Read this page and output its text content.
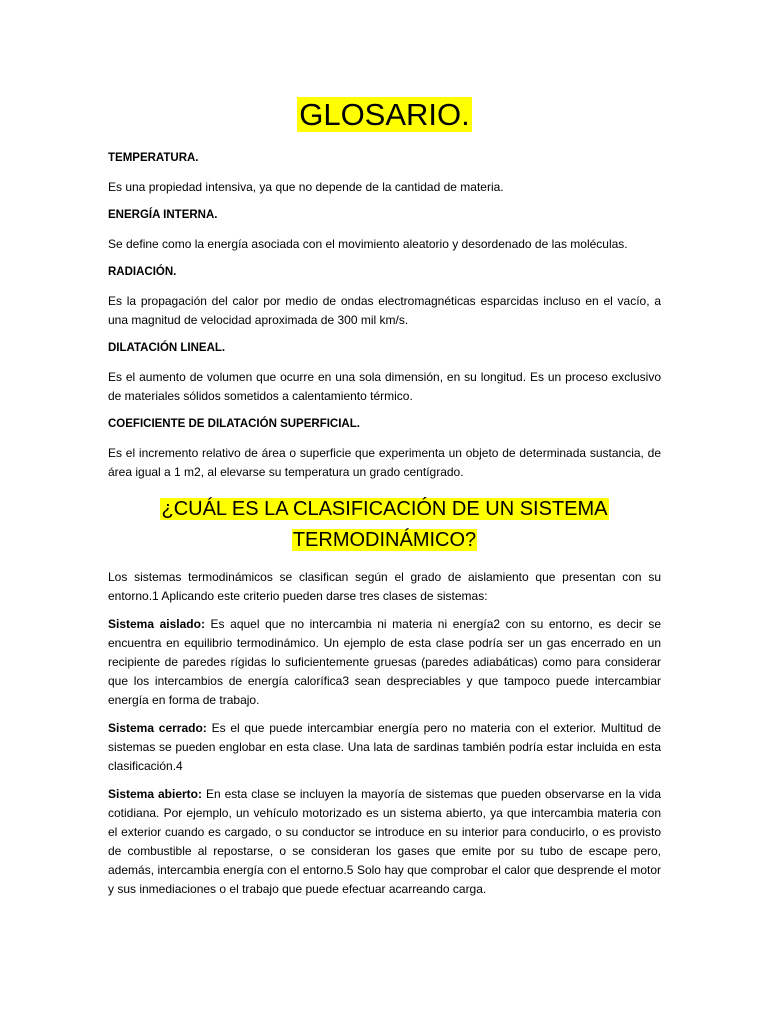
GLOSARIO.

TEMPERATURA.

Es una propiedad intensiva, ya que no depende de la cantidad de materia.

ENERGÍA INTERNA.

Se define como la energía asociada con el movimiento aleatorio y desordenado de las moléculas.

RADIACIÓN.

Es la propagación del calor por medio de ondas electromagnéticas esparcidas incluso en el vacío, a una magnitud de velocidad aproximada de 300 mil km/s.

DILATACIÓN LINEAL.

Es el aumento de volumen que ocurre en una sola dimensión, en su longitud. Es un proceso exclusivo de materiales sólidos sometidos a calentamiento térmico.

COEFICIENTE DE DILATACIÓN SUPERFICIAL.

Es el incremento relativo de área o superficie que experimenta un objeto de determinada sustancia, de área igual a 1 m2, al elevarse su temperatura un grado centígrado.

¿CUÁL ES LA CLASIFICACIÓN DE UN SISTEMA

TERMODINÁMICO?

Los sistemas termodinámicos se clasifican según el grado de aislamiento que presentan con su entorno.1 Aplicando este criterio pueden darse tres clases de sistemas:

Sistema aislado: Es aquel que no intercambia ni materia ni energía2 con su entorno, es decir se encuentra en equilibrio termodinámico. Un ejemplo de esta clase podría ser un gas encerrado en un recipiente de paredes rígidas lo suficientemente gruesas (paredes adiabáticas) como para considerar que los intercambios de energía calorífica3 sean despreciables y que tampoco puede intercambiar energía en forma de trabajo.

Sistema cerrado: Es el que puede intercambiar energía pero no materia con el exterior. Multitud de sistemas se pueden englobar en esta clase. Una lata de sardinas también podría estar incluida en esta clasificación.4

Sistema abierto: En esta clase se incluyen la mayoría de sistemas que pueden observarse en la vida cotidiana. Por ejemplo, un vehículo motorizado es un sistema abierto, ya que intercambia materia con el exterior cuando es cargado, o su conductor se introduce en su interior para conducirlo, o es provisto de combustible al repostarse, o se consideran los gases que emite por su tubo de escape pero, además, intercambia energía con el entorno.5 Solo hay que comprobar el calor que desprende el motor y sus inmediaciones o el trabajo que puede efectuar acarreando carga.
